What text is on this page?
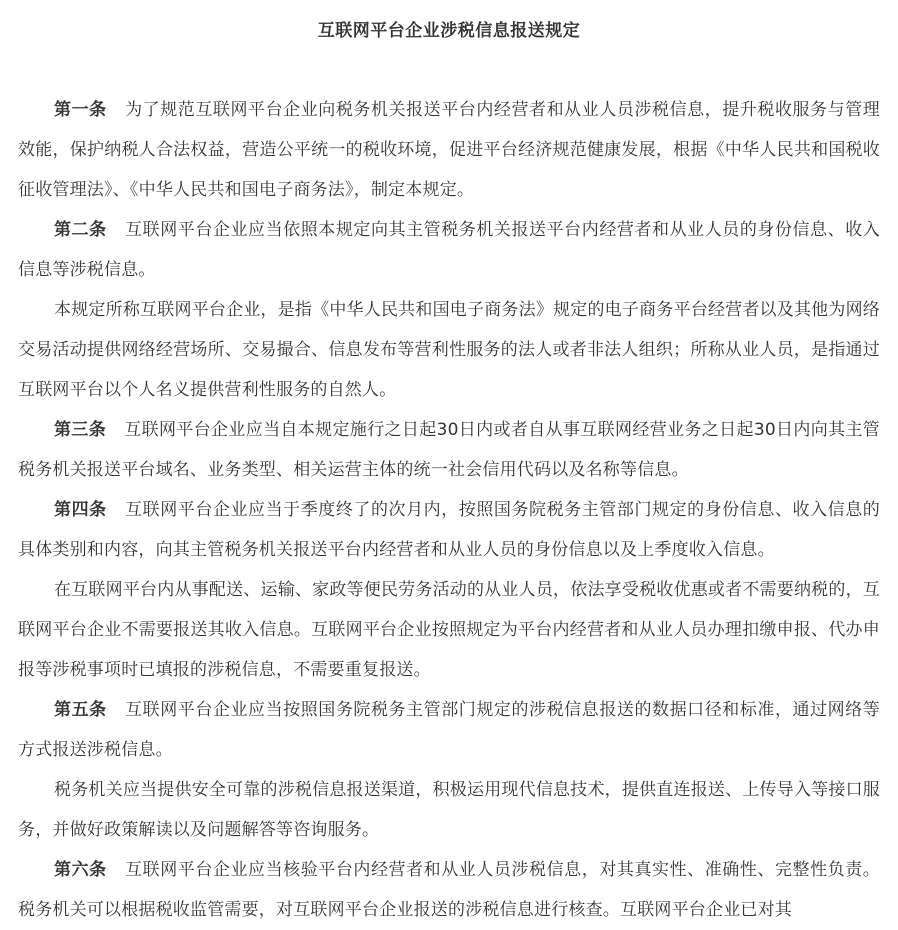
互联网平台企业涉税信息报送规定

第一条 为了规范互联网平台企业向税务机关报送平台内经营者和从业人员涉税信息，提升税收服务与管理效能，保护纳税人合法权益，营造公平统一的税收环境，促进平台经济规范健康发展，根据《中华人民共和国税收征收管理法》、《中华人民共和国电子商务法》，制定本规定。

第二条 互联网平台企业应当依照本规定向其主管税务机关报送平台内经营者和从业人员的身份信息、收入信息等涉税信息。

本规定所称互联网平台企业，是指《中华人民共和国电子商务法》规定的电子商务平台经营者以及其他为网络交易活动提供网络经营场所、交易撮合、信息发布等营利性服务的法人或者非法人组织；所称从业人员，是指通过互联网平台以个人名义提供营利性服务的自然人。

第三条 互联网平台企业应当自本规定施行之日起30日内或者自从事互联网经营业务之日起30日内向其主管税务机关报送平台域名、业务类型、相关运营主体的统一社会信用代码以及名称等信息。

第四条 互联网平台企业应当于季度终了的次月内，按照国务院税务主管部门规定的身份信息、收入信息的具体类别和内容，向其主管税务机关报送平台内经营者和从业人员的身份信息以及上季度收入信息。

在互联网平台内从事配送、运输、家政等便民劳务活动的从业人员，依法享受税收优惠或者不需要纳税的，互联网平台企业不需要报送其收入信息。互联网平台企业按照规定为平台内经营者和从业人员办理扣缴申报、代办申报等涉税事项时已填报的涉税信息，不需要重复报送。

第五条 互联网平台企业应当按照国务院税务主管部门规定的涉税信息报送的数据口径和标准，通过网络等方式报送涉税信息。

税务机关应当提供安全可靠的涉税信息报送渠道，积极运用现代信息技术，提供直连报送、上传导入等接口服务，并做好政策解读以及问题解答等咨询服务。

第六条 互联网平台企业应当核验平台内经营者和从业人员涉税信息，对其真实性、准确性、完整性负责。税务机关可以根据税收监管需要，对互联网平台企业报送的涉税信息进行核查。互联网平台企业已对其
